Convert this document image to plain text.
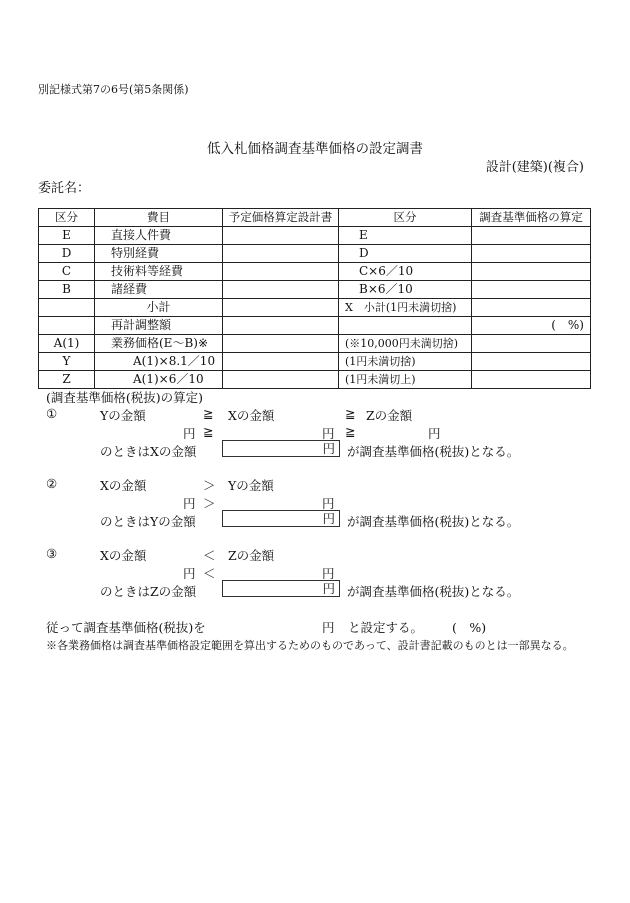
別記様式第7の6号(第5条関係)
低入札価格調査基準価格の設定調書
設計(建築)(複合)
委託名：
区分	費目	予定価格算定設計書	区分	調査基準価格の算定
E	直接人件費		E	
D	特別経費		D	
C	技術料等経費		C×6／10	
B	諸経費		B×6／10	
	小計		X　小計(1円未満切捨)	
	再計調整額			(　%)
A(1)	業務価格(E〜B)※		(※10,000円未満切捨)	
Y	A(1)×8.1／10		(1円未満切捨)	
Z	A(1)×6／10		(1円未満切上)	
(調査基準価格(税抜)の算定)
①	Yの金額	≧ Xの金額	≧ Zの金額
円 ≧	円 ≧	円
のときはXの金額	円 が調査基準価格(税抜)となる。
②	Xの金額	＞ Yの金額
円 ＞	円
のときはYの金額	円 が調査基準価格(税抜)となる。
③	Xの金額	＜ Zの金額
円 ＜	円
のときはZの金額	円 が調査基準価格(税抜)となる。
従って調査基準価格(税抜)を	円 と設定する。 (　%)
※各業務価格は調査基準価格設定範囲を算出するためのものであって、設計書記載のものとは一部異なる。
